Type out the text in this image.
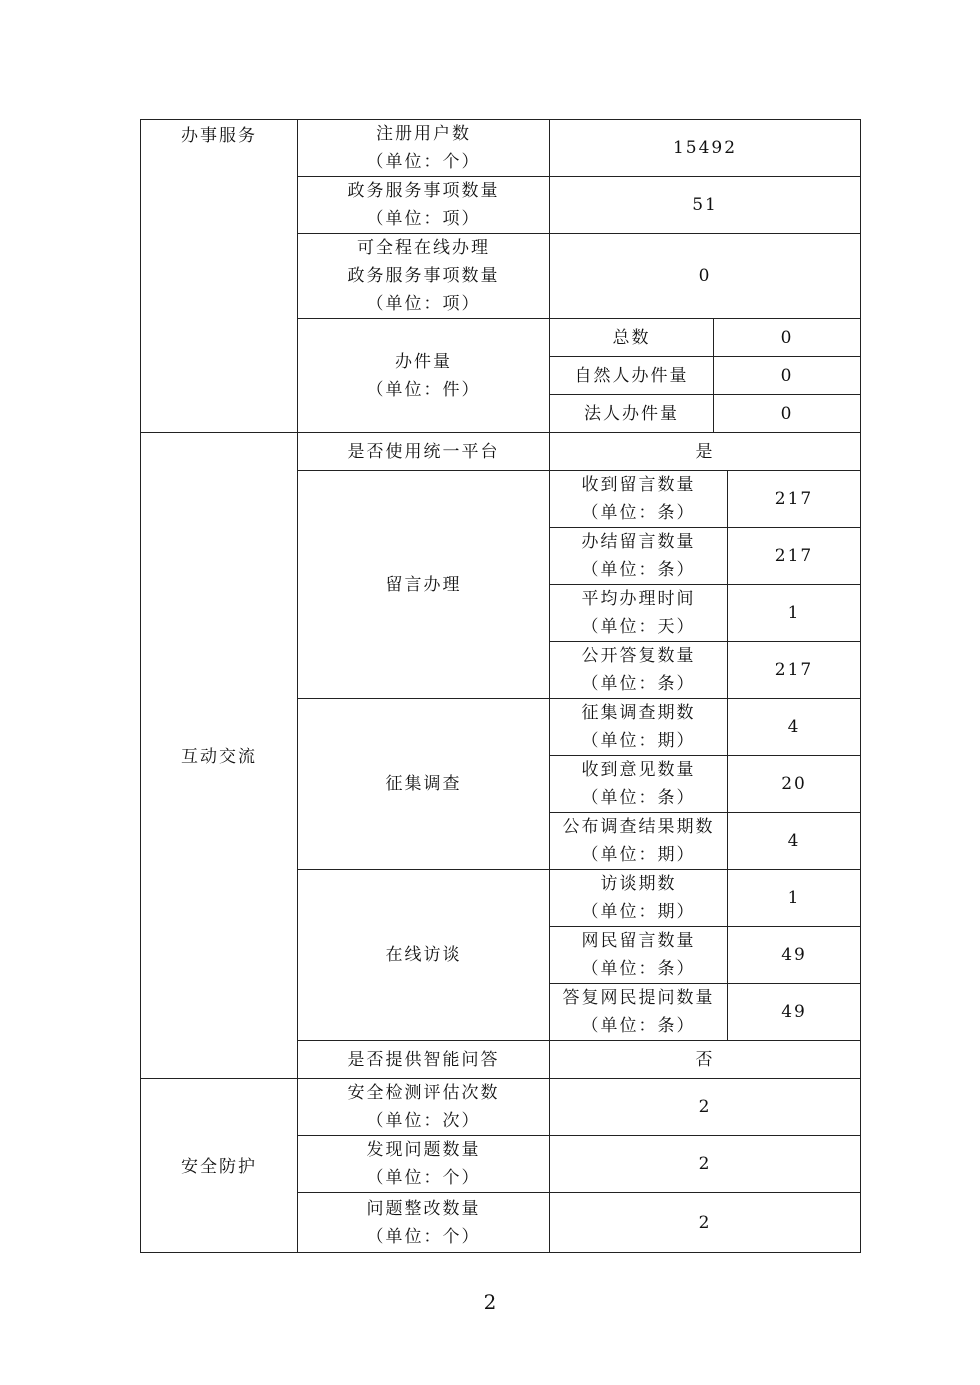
办事服务	注册用户数
（单位：个）	15492		

	政务服务事项数量
（单位：项）	51		

	可全程在线办理
政务服务事项数量
（单位：项）	0		

	办件量
（单位：件）	总数	0	
		自然人办件量	0	
		法人办件量	0	
互动交流	是否使用统一平台	是		
	留言办理	收到留言数量
（单位：条）		217

		办结留言数量
（单位：条）		217

		平均办理时间
（单位：天）		1

		公开答复数量
（单位：条）		217
	征集调查	征集调查期数
（单位：期）		4

		收到意见数量
（单位：条）		20

		公布调查结果期数
（单位：期）		4
	在线访谈	访谈期数
（单位：期）		1

		网民留言数量
（单位：条）		49

		答复网民提问数量
（单位：条）		49
	是否提供智能问答	否		
安全防护	安全检测评估次数
（单位：次）	2		

	发现问题数量
（单位：个）	2		

	问题整改数量
（单位：个）	2		
2
